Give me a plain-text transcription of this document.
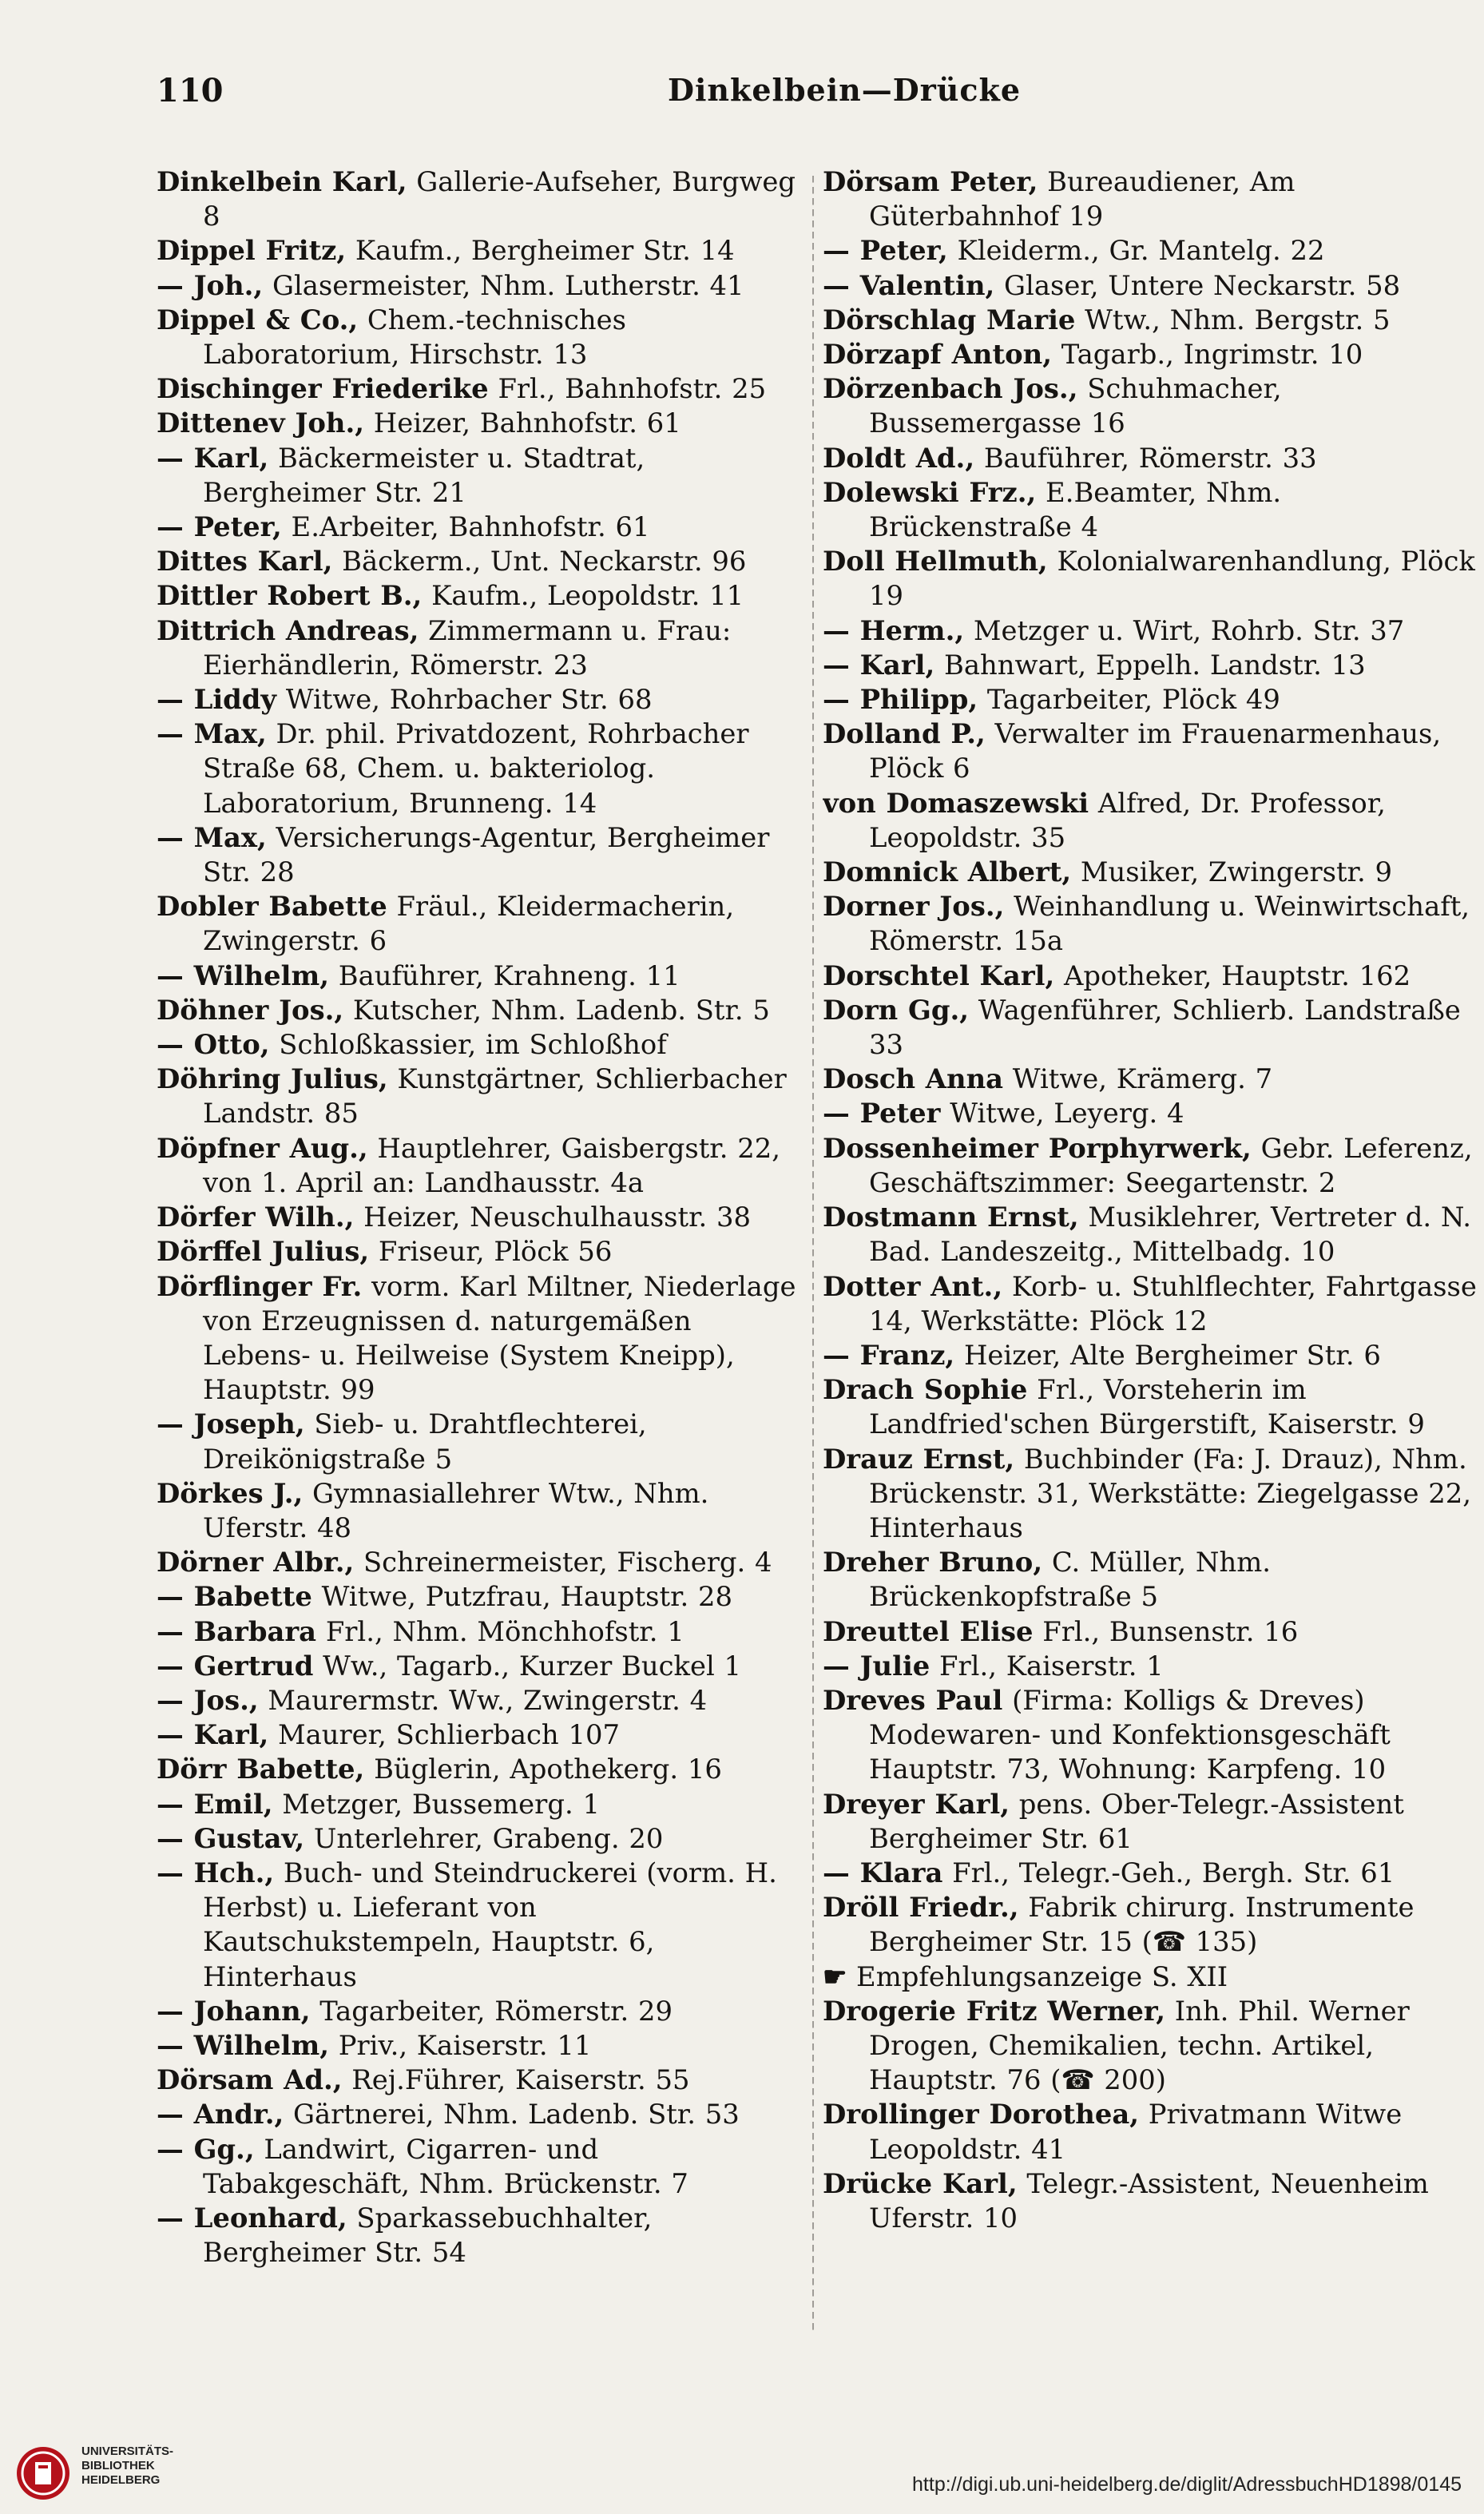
110	Dinkelbein—Drücke
Dinkelbein Karl, Gallerie-Aufseher, Burgweg 8
Dippel Fritz, Kaufm., Bergheimer Str. 14
— Joh., Glasermeister, Nhm. Lutherstr. 41
Dippel & Co., Chem.-technisches Laboratorium, Hirschstr. 13
Dischinger Friederike Frl., Bahnhofstr. 25
Dittenev Joh., Heizer, Bahnhofstr. 61
— Karl, Bäckermeister u. Stadtrat, Bergheimer Str. 21
— Peter, E.Arbeiter, Bahnhofstr. 61
Dittes Karl, Bäckerm., Unt. Neckarstr. 96
Dittler Robert B., Kaufm., Leopoldstr. 11
Dittrich Andreas, Zimmermann u. Frau: Eierhändlerin, Römerstr. 23
— Liddy Witwe, Rohrbacher Str. 68
— Max, Dr. phil. Privatdozent, Rohrbacher Straße 68, Chem. u. bakteriolog. Laboratorium, Brunneng. 14
— Max, Versicherungs-Agentur, Bergheimer Str. 28
Dobler Babette Fräul., Kleidermacherin, Zwingerstr. 6
— Wilhelm, Bauführer, Krahneng. 11
Döhner Jos., Kutscher, Nhm. Ladenb. Str. 5
— Otto, Schloßkassier, im Schloßhof
Döhring Julius, Kunstgärtner, Schlierbacher Landstr. 85
Döpfner Aug., Hauptlehrer, Gaisbergstr. 22, von 1. April an: Landhausstr. 4a
Dörfer Wilh., Heizer, Neuschulhausstr. 38
Dörffel Julius, Friseur, Plöck 56
Dörflinger Fr. vorm. Karl Miltner, Niederlage von Erzeugnissen d. naturgemäßen Lebens- u. Heilweise (System Kneipp), Hauptstr. 99
— Joseph, Sieb- u. Drahtflechterei, Dreikönigstraße 5
Dörkes J., Gymnasiallehrer Wtw., Nhm. Uferstr. 48
Dörner Albr., Schreinermeister, Fischerg. 4
— Babette Witwe, Putzfrau, Hauptstr. 28
— Barbara Frl., Nhm. Mönchhofstr. 1
— Gertrud Ww., Tagarb., Kurzer Buckel 1
— Jos., Maurermstr. Ww., Zwingerstr. 4
— Karl, Maurer, Schlierbach 107
Dörr Babette, Büglerin, Apothekerg. 16
— Emil, Metzger, Bussemerg. 1
— Gustav, Unterlehrer, Grabeng. 20
— Hch., Buch- und Steindruckerei (vorm. H. Herbst) u. Lieferant von Kautschukstempeln, Hauptstr. 6, Hinterhaus
— Johann, Tagarbeiter, Römerstr. 29
— Wilhelm, Priv., Kaiserstr. 11
Dörsam Ad., Rej.Führer, Kaiserstr. 55
— Andr., Gärtnerei, Nhm. Ladenb. Str. 53
— Gg., Landwirt, Cigarren- und Tabakgeschäft, Nhm. Brückenstr. 7
— Leonhard, Sparkassebuchhalter, Bergheimer Str. 54
Dörsam Peter, Bureaudiener, Am Güterbahnhof 19
— Peter, Kleiderm., Gr. Mantelg. 22
— Valentin, Glaser, Untere Neckarstr. 58
Dörschlag Marie Wtw., Nhm. Bergstr. 5
Dörzapf Anton, Tagarb., Ingrimstr. 10
Dörzenbach Jos., Schuhmacher, Bussemergasse 16
Doldt Ad., Bauführer, Römerstr. 33
Dolewski Frz., E.Beamter, Nhm. Brückenstraße 4
Doll Hellmuth, Kolonialwarenhandlung, Plöck 19
— Herm., Metzger u. Wirt, Rohrb. Str. 37
— Karl, Bahnwart, Eppelh. Landstr. 13
— Philipp, Tagarbeiter, Plöck 49
Dolland P., Verwalter im Frauenarmenhaus, Plöck 6
von Domaszewski Alfred, Dr. Professor, Leopoldstr. 35
Domnick Albert, Musiker, Zwingerstr. 9
Dorner Jos., Weinhandlung u. Weinwirtschaft, Römerstr. 15a
Dorschtel Karl, Apotheker, Hauptstr. 162
Dorn Gg., Wagenführer, Schlierb. Landstraße 33
Dosch Anna Witwe, Krämerg. 7
— Peter Witwe, Leyerg. 4
Dossenheimer Porphyrwerk, Gebr. Leferenz, Geschäftszimmer: Seegartenstr. 2
Dostmann Ernst, Musiklehrer, Vertreter d. N. Bad. Landeszeitg., Mittelbadg. 10
Dotter Ant., Korb- u. Stuhlflechter, Fahrtgasse 14, Werkstätte: Plöck 12
— Franz, Heizer, Alte Bergheimer Str. 6
Drach Sophie Frl., Vorsteherin im Landfried'schen Bürgerstift, Kaiserstr. 9
Drauz Ernst, Buchbinder (Fa: J. Drauz), Nhm. Brückenstr. 31, Werkstätte: Ziegelgasse 22, Hinterhaus
Dreher Bruno, C. Müller, Nhm. Brückenkopfstraße 5
Dreuttel Elise Frl., Bunsenstr. 16
— Julie Frl., Kaiserstr. 1
Dreves Paul (Firma: Kolligs & Dreves) Modewaren- und Konfektionsgeschäft Hauptstr. 73, Wohnung: Karpfeng. 10
Dreyer Karl, pens. Ober-Telegr.-Assistent Bergheimer Str. 61
— Klara Frl., Telegr.-Geh., Bergh. Str. 61
Dröll Friedr., Fabrik chirurg. Instrumente Bergheimer Str. 15 (☎ 135)
☛ Empfehlungsanzeige S. XII
Drogerie Fritz Werner, Inh. Phil. Werner Drogen, Chemikalien, techn. Artikel, Hauptstr. 76 (☎ 200)
Drollinger Dorothea, Privatmann Witwe Leopoldstr. 41
Drücke Karl, Telegr.-Assistent, Neuenheim Uferstr. 10
UNIVERSITÄTS-
BIBLIOTHEK
HEIDELBERG	http://digi.ub.uni-heidelberg.de/diglit/AdressbuchHD1898/0145
